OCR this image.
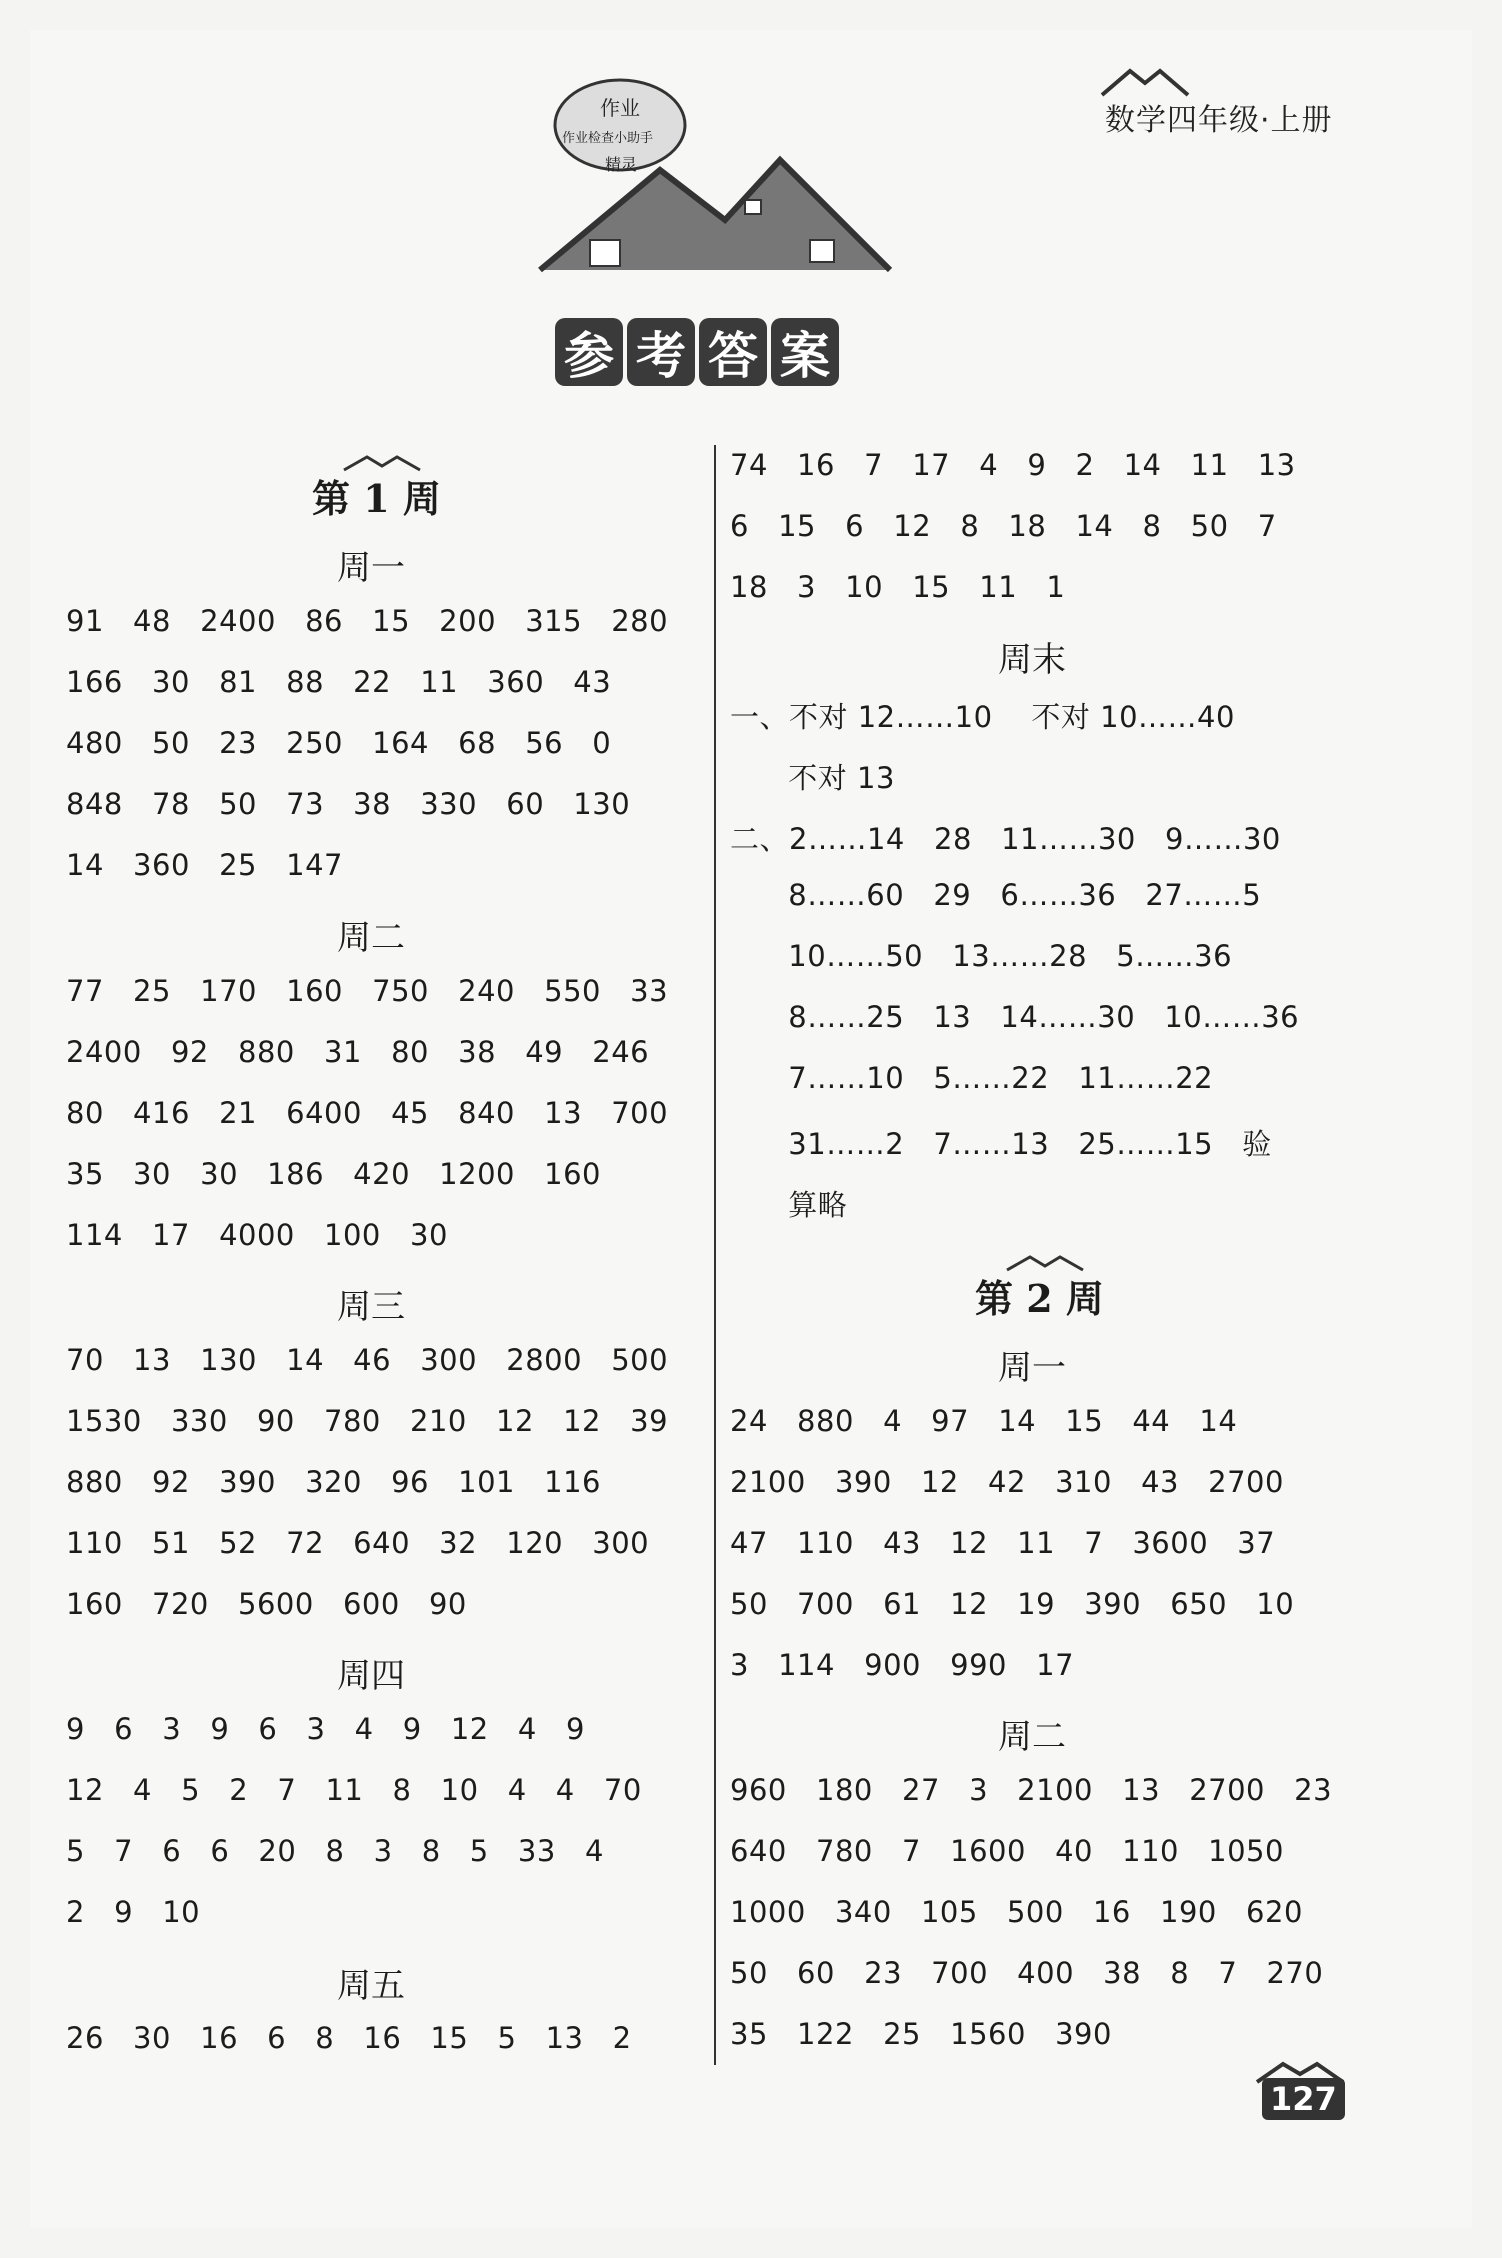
数学四年级·上册
作业
作业检查小助手
精灵
参 考 答 案
第 1 周
周一
91   48   2400   86   15   200   315   280
166   30   81   88   22   11   360   43
480   50   23   250   164   68   56   0
848   78   50   73   38   330   60   130
14   360   25   147
周二
77   25   170   160   750   240   550   33
2400   92   880   31   80   38   49   246
80   416   21   6400   45   840   13   700
35   30   30   186   420   1200   160
114   17   4000   100   30
周三
70   13   130   14   46   300   2800   500
1530   330   90   780   210   12   12   39
880   92   390   320   96   101   116
110   51   52   72   640   32   120   300
160   720   5600   600   90
周四
9   6   3   9   6   3   4   9   12   4   9
12   4   5   2   7   11   8   10   4   4   70
5   7   6   6   20   8   3   8   5   33   4
2   9   10
周五
26   30   16   6   8   16   15   5   13   2
74   16   7   17   4   9   2   14   11   13
6   15   6   12   8   18   14   8   50   7
18   3   10   15   11   1
周末
一、不对 12……10    不对 10……40
不对 13
二、2……14   28   11……30   9……30
8……60   29   6……36   27……5
10……50   13……28   5……36
8……25   13   14……30   10……36
7……10   5……22   11……22
31……2   7……13   25……15   验
算略
第 2 周
周一
24   880   4   97   14   15   44   14
2100   390   12   42   310   43   2700
47   110   43   12   11   7   3600   37
50   700   61   12   19   390   650   10
3   114   900   990   17
周二
960   180   27   3   2100   13   2700   23
640   780   7   1600   40   110   1050
1000   340   105   500   16   190   620
50   60   23   700   400   38   8   7   270
35   122   25   1560   390
127
